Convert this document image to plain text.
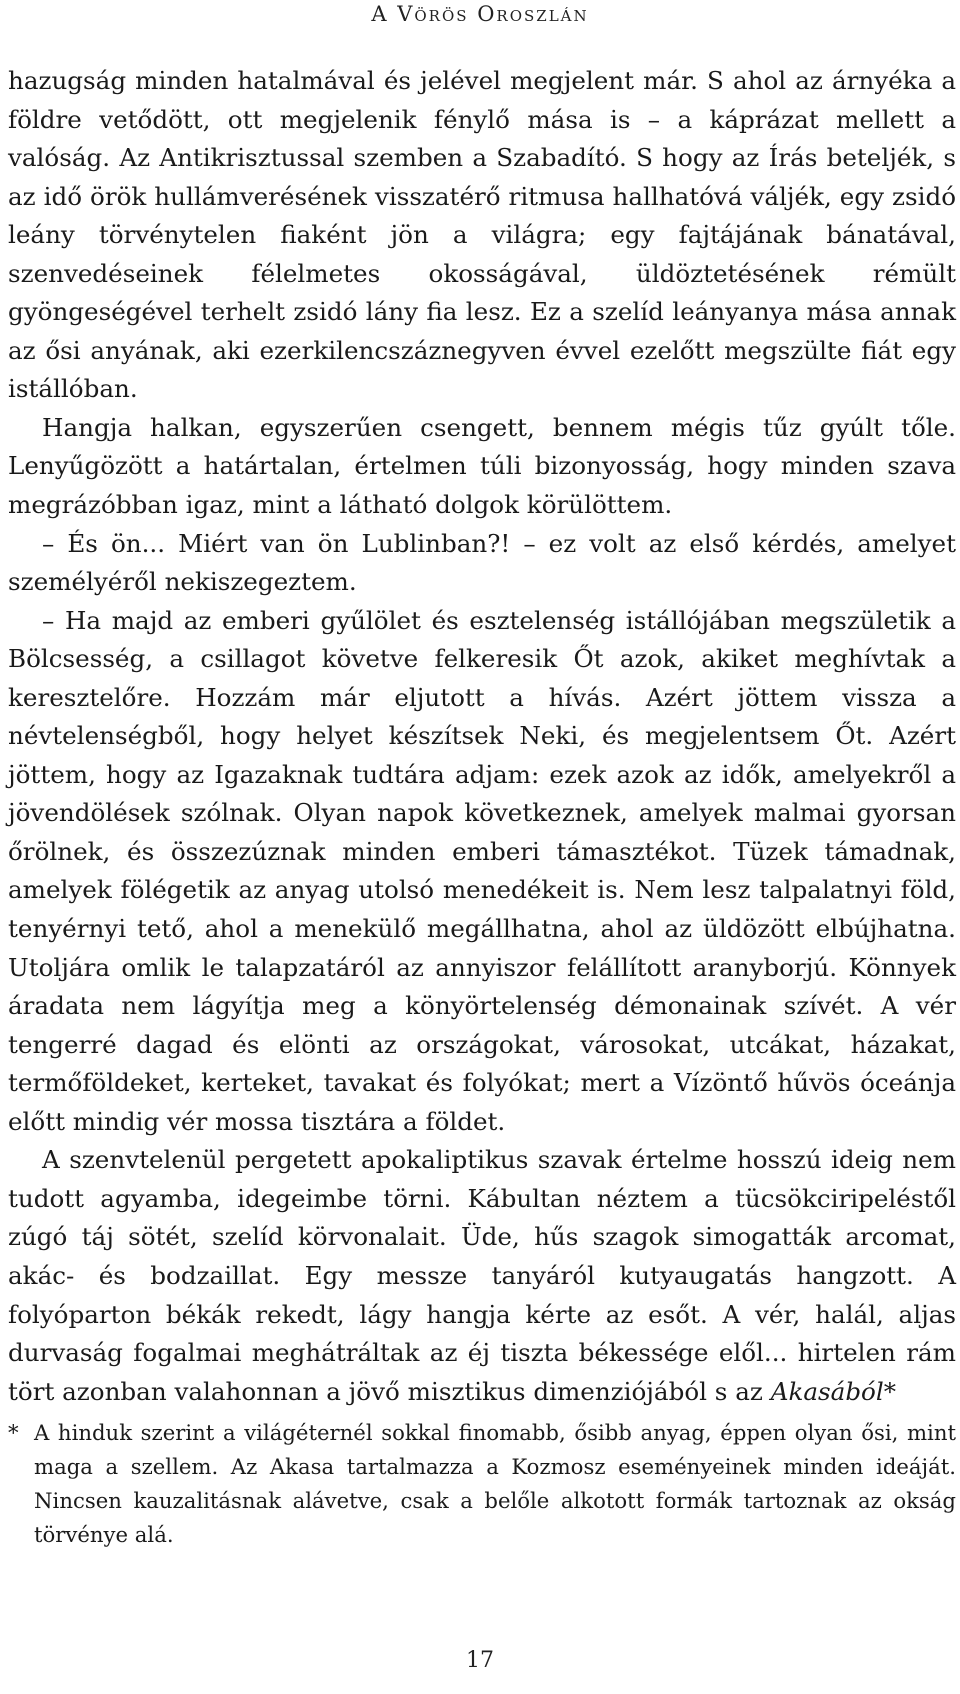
A Vörös Oroszlán

hazugság minden hatalmával és jelével megjelent már. S ahol az árnyéka a földre vetődött, ott megjelenik fénylő mása is – a káprázat mellett a valóság. Az Antikrisztussal szemben a Szabadító. S hogy az Írás beteljék, s az idő örök hullámverésének visszatérő ritmusa hallhatóvá váljék, egy zsidó leány törvénytelen fiaként jön a világra; egy fajtájának bánatával, szenvedéseinek félelmetes okosságával, üldöztetésének rémült gyöngeségével terhelt zsidó lány fia lesz. Ez a szelíd leányanya mása annak az ősi anyának, aki ezerkilencszáznegyven évvel ezelőtt megszülte fiát egy istállóban.

Hangja halkan, egyszerűen csengett, bennem mégis tűz gyúlt tőle. Lenyűgözött a határtalan, értelmen túli bizonyosság, hogy minden szava megrázóbban igaz, mint a látható dolgok körülöttem.

– És ön... Miért van ön Lublinban?! – ez volt az első kérdés, amelyet személyéről nekiszegeztem.

– Ha majd az emberi gyűlölet és esztelenség istállójában megszületik a Bölcsesség, a csillagot követve felkeresik Őt azok, akiket meghívtak a keresztelőre. Hozzám már eljutott a hívás. Azért jöttem vissza a névtelenségből, hogy helyet készítsek Neki, és megjelentsem Őt. Azért jöttem, hogy az Igazaknak tudtára adjam: ezek azok az idők, amelyekről a jövendölések szólnak. Olyan napok következnek, amelyek malmai gyorsan őrölnek, és összezúznak minden emberi támasztékot. Tüzek támadnak, amelyek fölégetik az anyag utolsó menedékeit is. Nem lesz talpalatnyi föld, tenyérnyi tető, ahol a menekülő megállhatna, ahol az üldözött elbújhatna. Utoljára omlik le talapzatáról az annyiszor felállított aranyborjú. Könnyek áradata nem lágyítja meg a könyörtelenség démonainak szívét. A vér tengerré dagad és elönti az országokat, városokat, utcákat, házakat, termőföldeket, kerteket, tavakat és folyókat; mert a Vízöntő hűvös óceánja előtt mindig vér mossa tisztára a földet.

A szenvtelenül pergetett apokaliptikus szavak értelme hosszú ideig nem tudott agyamba, idegeimbe törni. Kábultan néztem a tücsökciripeléstől zúgó táj sötét, szelíd körvonalait. Üde, hűs szagok simogatták arcomat, akác- és bodzaillat. Egy messze tanyáról kutyaugatás hangzott. A folyóparton békák rekedt, lágy hangja kérte az esőt. A vér, halál, aljas durvaság fogalmai meghátráltak az éj tiszta békessége elől... hirtelen rám tört azonban valahonnan a jövő misztikus dimenziójából s az Akasából*

* A hinduk szerint a világéternél sokkal finomabb, ősibb anyag, éppen olyan ősi, mint maga a szellem. Az Akasa tartalmazza a Kozmosz eseményeinek minden ideáját. Nincsen kauzalitásnak alávetve, csak a belőle alkotott formák tartoznak az okság törvénye alá.
17
